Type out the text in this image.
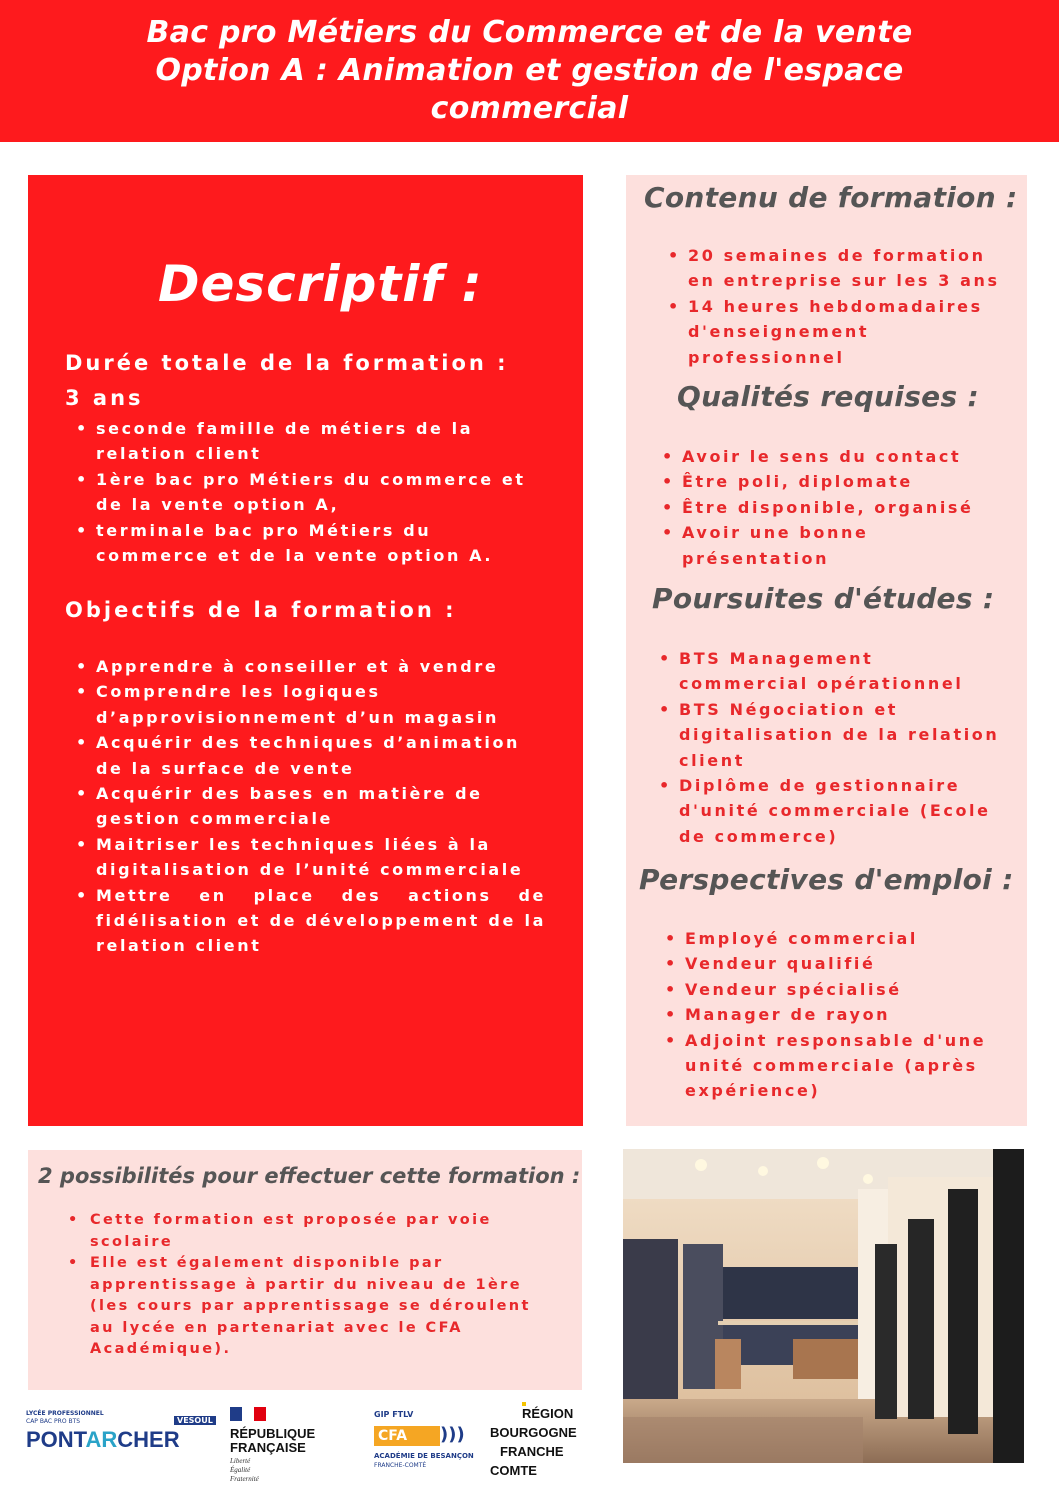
Bac pro Métiers du Commerce et de la vente
Option A : Animation et gestion de l'espace
commercial
Descriptif :

Durée totale de la formation :

3 ans

• seconde famille de métiers de la relation client
• 1ère bac pro Métiers du commerce et de la vente option A,
• terminale bac pro Métiers du commerce et de la vente option A.

Objectifs de la formation :

• Apprendre à conseiller et à vendre
• Comprendre les logiques d’approvisionnement d’un magasin
• Acquérir des techniques d’animation de la surface de vente
• Acquérir des bases en matière de gestion commerciale
• Maitriser les techniques liées à la digitalisation de l’unité commerciale
• Mettre en place des actions de fidélisation et de développement de la relation client
Contenu de formation :
• 20 semaines de formation en entreprise sur les 3 ans
• 14 heures hebdomadaires d'enseignement professionnel
Qualités requises :
• Avoir le sens du contact
• Être poli, diplomate
• Être disponible, organisé
• Avoir une bonne présentation
Poursuites d'études :
• BTS Management commercial opérationnel
• BTS Négociation et digitalisation de la relation client
• Diplôme de gestionnaire d'unité commerciale (Ecole de commerce)
Perspectives d'emploi :
• Employé commercial
• Vendeur qualifié
• Vendeur spécialisé
• Manager de rayon
• Adjoint responsable d'une unité commerciale (après expérience)
2 possibilités pour effectuer cette formation :
• Cette formation est proposée par voie scolaire
• Elle est également disponible par apprentissage à partir du niveau de 1ère (les cours par apprentissage se déroulent au lycée en partenariat avec le CFA Académique).
LYCÉE PROFESSIONNEL
CAP BAC PRO BTS	VESOUL
PONTARCHER	RÉPUBLIQUE
FRANÇAISE
Liberté
Égalité
Fraternité
GIP FTLV
CFA	)))
ACADÉMIE DE BESANÇON
FRANCHE-COMTÉ
RÉGION
BOURGOGNE
FRANCHE
COMTE
